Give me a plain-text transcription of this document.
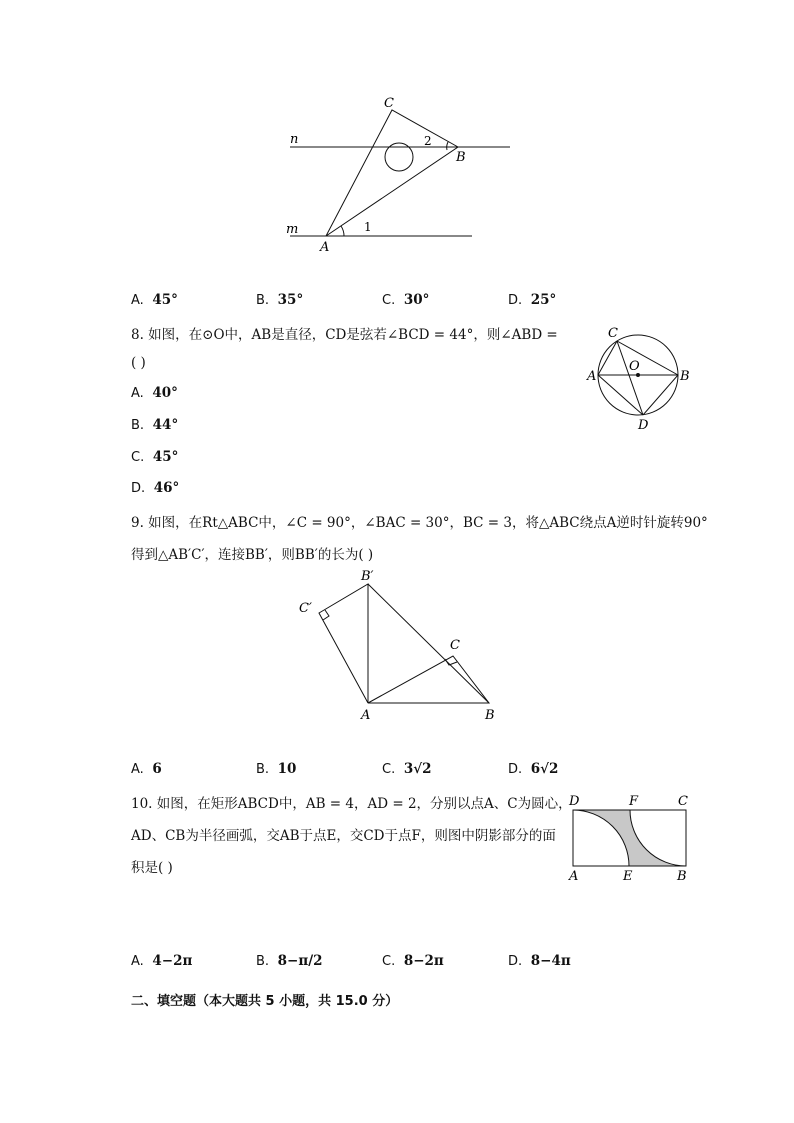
C
n	2
B
m	1
A
A. 45°	B. 35°	C. 30°	D. 25°
8. 如图，在⊙O中，AB是直径，CD是弦若∠BCD = 44°，则∠ABD =
( )
A. 40°
B. 44°
C. 45°
D. 46°
C
O
A	B
D
9. 如图，在Rt△ABC中，∠C = 90°，∠BAC = 30°，BC = 3，将△ABC绕点A逆时针旋转90°
得到△AB′C′，连接BB′，则BB′的长为( )
B′
C′
C
A	B
A. 6	B. 10	C. 3√2	D. 6√2
10. 如图，在矩形ABCD中，AB = 4，AD = 2，分别以点A、C为圆心，
AD、CB为半径画弧，交AB于点E，交CD于点F，则图中阴影部分的面
积是( )
D	F	C
A	E	B
A. 4−2π	B. 8−π/2	C. 8−2π	D. 8−4π
二、填空题（本大题共 5 小题，共 15.0 分）
